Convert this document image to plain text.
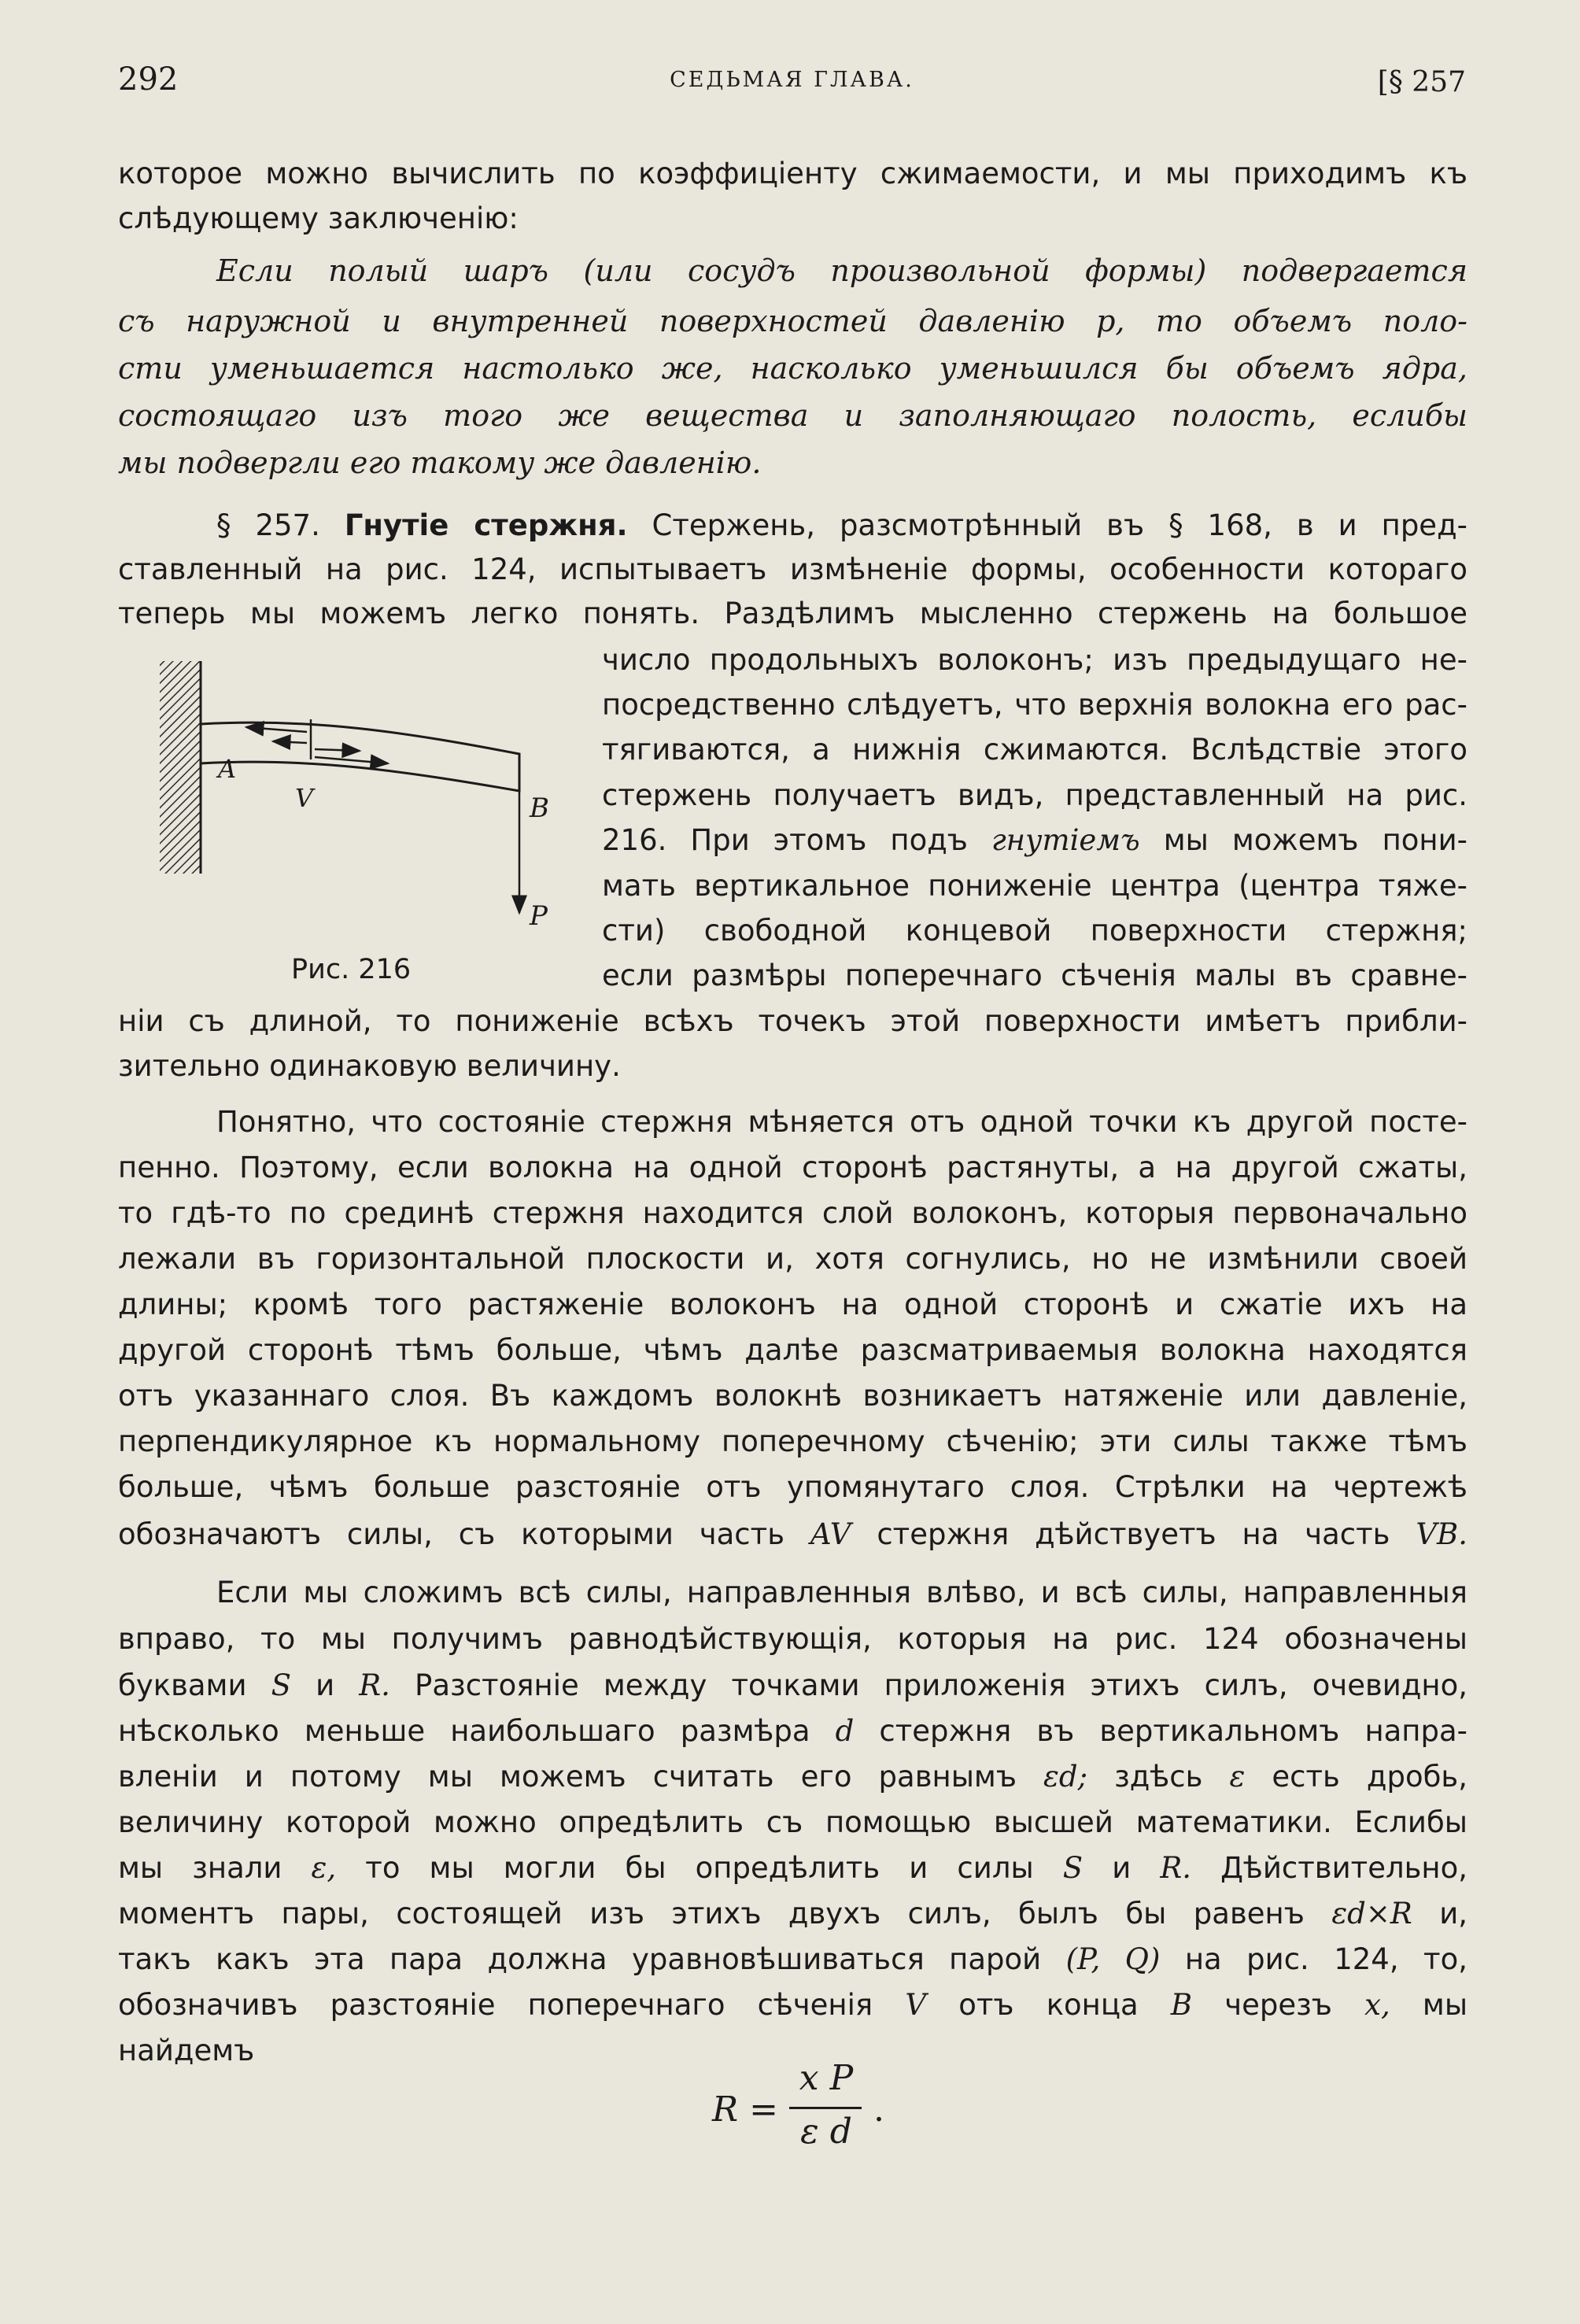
292	СЕДЬМАЯ ГЛАВА.	[§ 257
которое можно вычислить по коэффиціенту сжимаемости, и мы приходимъ къ
слѣдующему заключенію:
Если полый шаръ (или сосудъ произвольной формы) подвергается
съ наружной и внутренней поверхностей давленію p, то объемъ поло-
сти уменьшается настолько же, насколько уменьшился бы объемъ ядра,
состоящаго изъ того же вещества и заполняющаго полость, еслибы
мы подвергли его такому же давленію.
§ 257. Гнутіе стержня. Стержень, разсмотрѣнный въ § 168, в и пред-
ставленный на рис. 124, испытываетъ измѣненіе формы, особенности котораго
теперь мы можемъ легко понять. Раздѣлимъ мысленно стержень на большое
A
V	B
P
Рис. 216
число продольныхъ волоконъ; изъ предыдущаго не-
посредственно слѣдуетъ, что верхнія волокна его рас-
тягиваются, а нижнія сжимаются. Вслѣдствіе этого
стержень получаетъ видъ, представленный на рис.
216. При этомъ подъ гнутіемъ мы можемъ пони-
мать вертикальное пониженіе центра (центра тяже-
сти) свободной концевой поверхности стержня;
если размѣры поперечнаго сѣченія малы въ сравне-
ніи съ длиной, то пониженіе всѣхъ точекъ этой поверхности имѣетъ прибли-
зительно одинаковую величину.
Понятно, что состояніе стержня мѣняется отъ одной точки къ другой посте-
пенно. Поэтому, если волокна на одной сторонѣ растянуты, а на другой сжаты,
то гдѣ-то по срединѣ стержня находится слой волоконъ, которыя первоначально
лежали въ горизонтальной плоскости и, хотя согнулись, но не измѣнили своей
длины; кромѣ того растяженіе волоконъ на одной сторонѣ и сжатіе ихъ на
другой сторонѣ тѣмъ больше, чѣмъ далѣе разсматриваемыя волокна находятся
отъ указаннаго слоя. Въ каждомъ волокнѣ возникаетъ натяженіе или давленіе,
перпендикулярное къ нормальному поперечному сѣченію; эти силы также тѣмъ
больше, чѣмъ больше разстояніе отъ упомянутаго слоя. Стрѣлки на чертежѣ
обозначаютъ силы, съ которыми часть AV стержня дѣйствуетъ на часть VB.
Если мы сложимъ всѣ силы, направленныя влѣво, и всѣ силы, направленныя
вправо, то мы получимъ равнодѣйствующія, которыя на рис. 124 обозначены
буквами S и R. Разстояніе между точками приложенія этихъ силъ, очевидно,
нѣсколько меньше наибольшаго размѣра d стержня въ вертикальномъ напра-
вленіи и потому мы можемъ считать его равнымъ εd; здѣсь ε есть дробь,
величину которой можно опредѣлить съ помощью высшей математики. Еслибы
мы знали ε, то мы могли бы опредѣлить и силы S и R. Дѣйствительно,
моментъ пары, состоящей изъ этихъ двухъ силъ, былъ бы равенъ εd×R и,
такъ какъ эта пара должна уравновѣшиваться парой (P, Q) на рис. 124, то,
обозначивъ разстояніе поперечнаго сѣченія V отъ конца B черезъ x, мы
найдемъ
R =
x P
ε d
.
